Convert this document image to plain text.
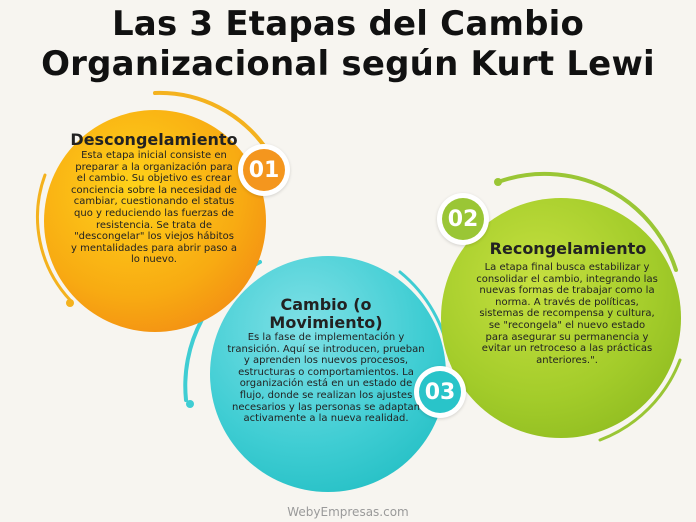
Las 3 Etapas del Cambio
Organizacional según Kurt Lewi
01
02
03
Descongelamiento
Esta etapa inicial consiste en preparar a la organización para el cambio. Su objetivo es crear conciencia sobre la necesidad de cambiar, cuestionando el status quo y reduciendo las fuerzas de resistencia. Se trata de "descongelar" los viejos hábitos y mentalidades para abrir paso a lo nuevo.
Recongelamiento
La etapa final busca estabilizar y consolidar el cambio, integrando las nuevas formas de trabajar como la norma. A través de políticas, sistemas de recompensa y cultura, se "recongela" el nuevo estado para asegurar su permanencia y evitar un retroceso a las prácticas anteriores.".
Cambio (o Movimiento)
Es la fase de implementación y transición. Aquí se introducen, prueban y aprenden los nuevos procesos, estructuras o comportamientos. La organización está en un estado de flujo, donde se realizan los ajustes necesarios y las personas se adaptan activamente a la nueva realidad.
WebyEmpresas.com
